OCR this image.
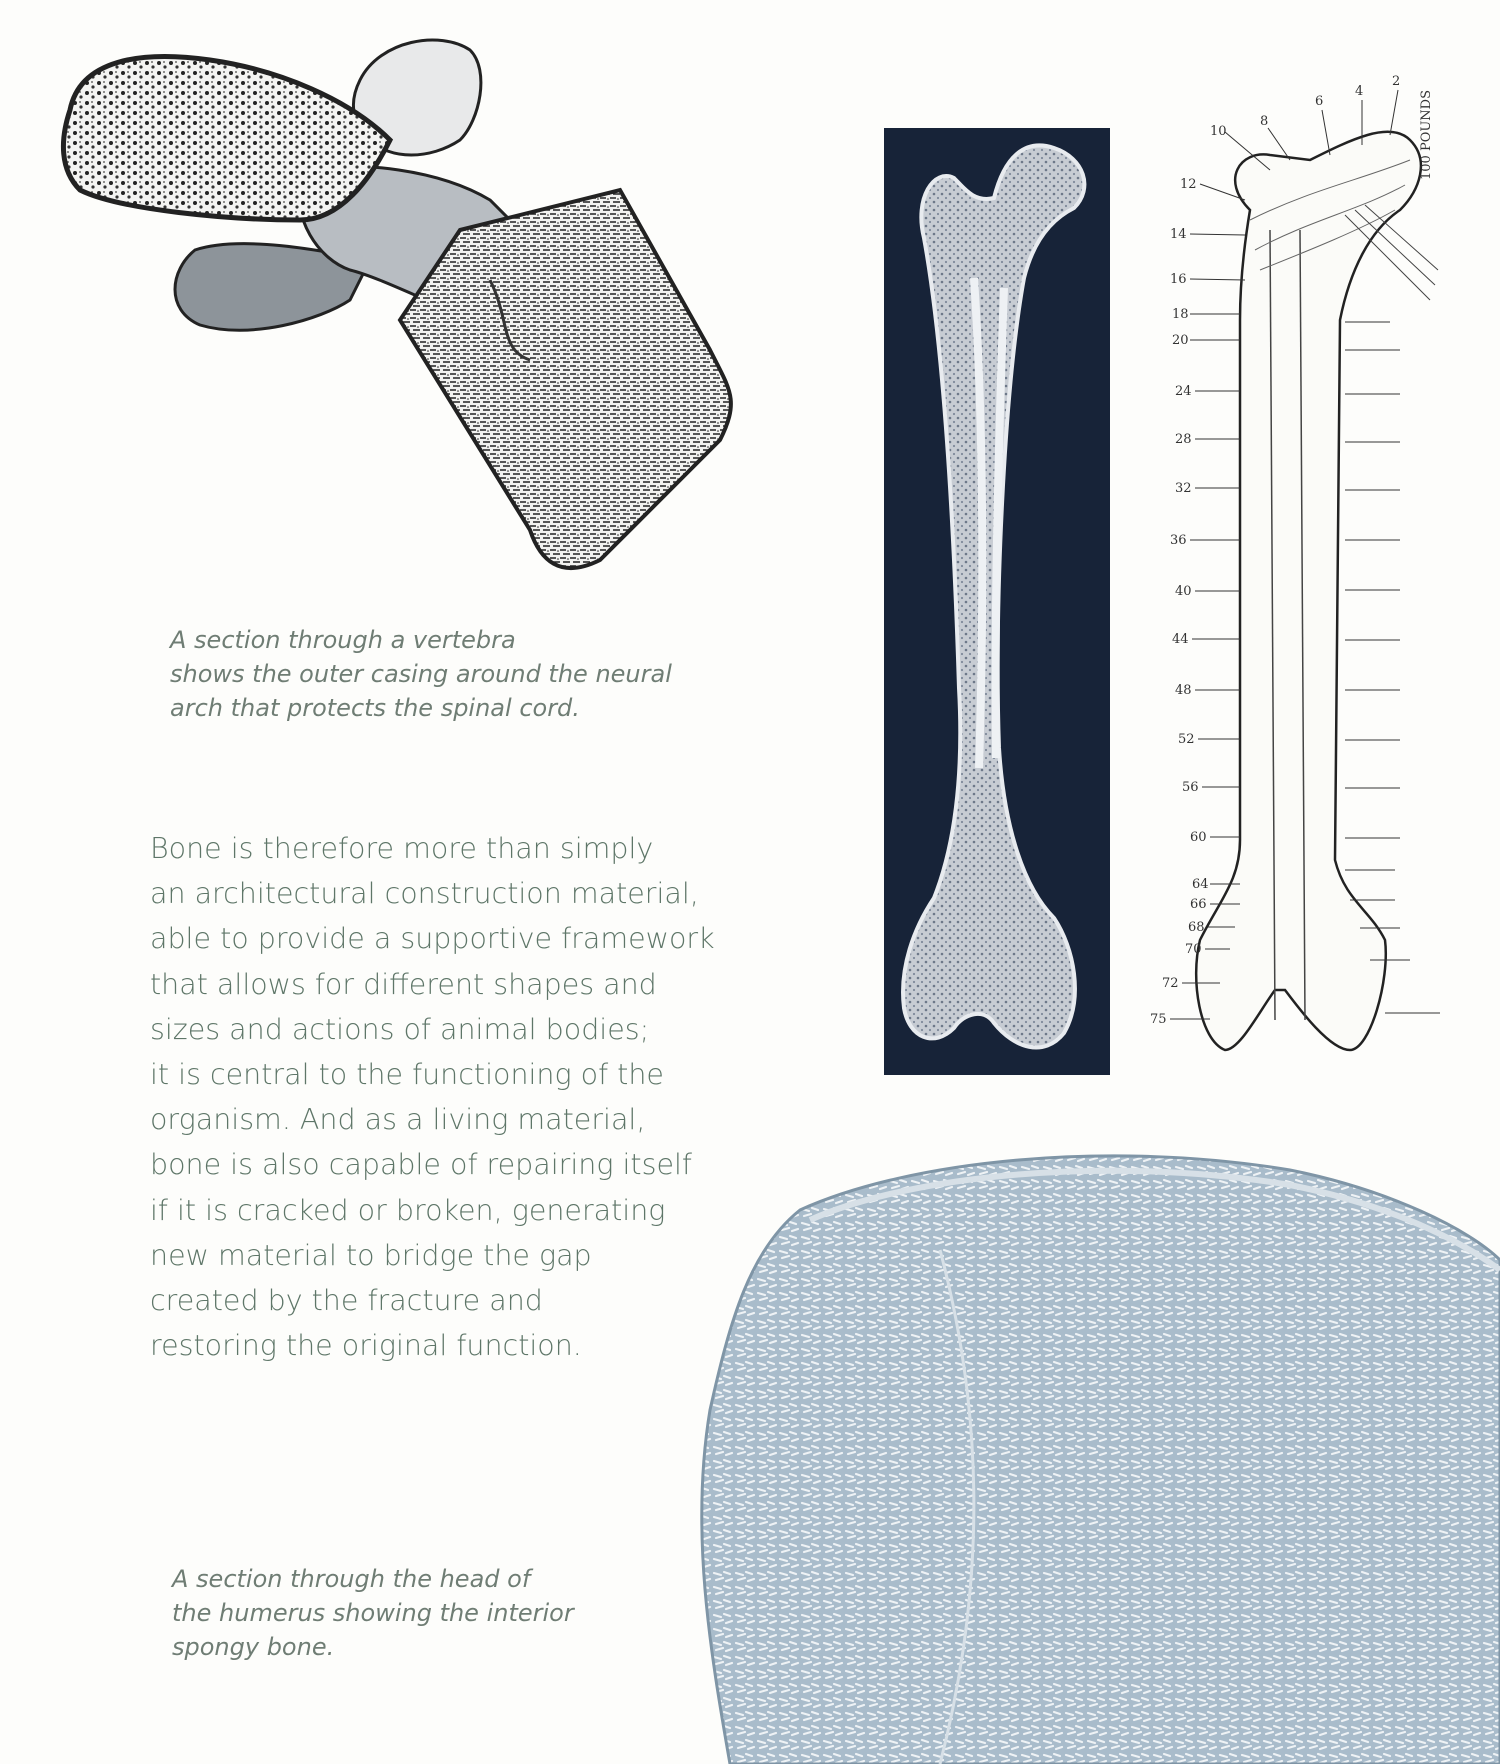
A section through a vertebra
shows the outer casing around the neural
arch that protects the spinal cord.
100 POUNDS
10
8
6
4
2
12
14
16
18
20
24
28
32
36
40
44
48
52
56
60
64
66
68
70
72
75
Bone is therefore more than simply
an architectural construction material,
able to provide a supportive framework
that allows for different shapes and
sizes and actions of animal bodies;
it is central to the functioning of the
organism. And as a living material,
bone is also capable of repairing itself
if it is cracked or broken, generating
new material to bridge the gap
created by the fracture and
restoring the original function.
A section through the head of
the humerus showing the interior
spongy bone.
